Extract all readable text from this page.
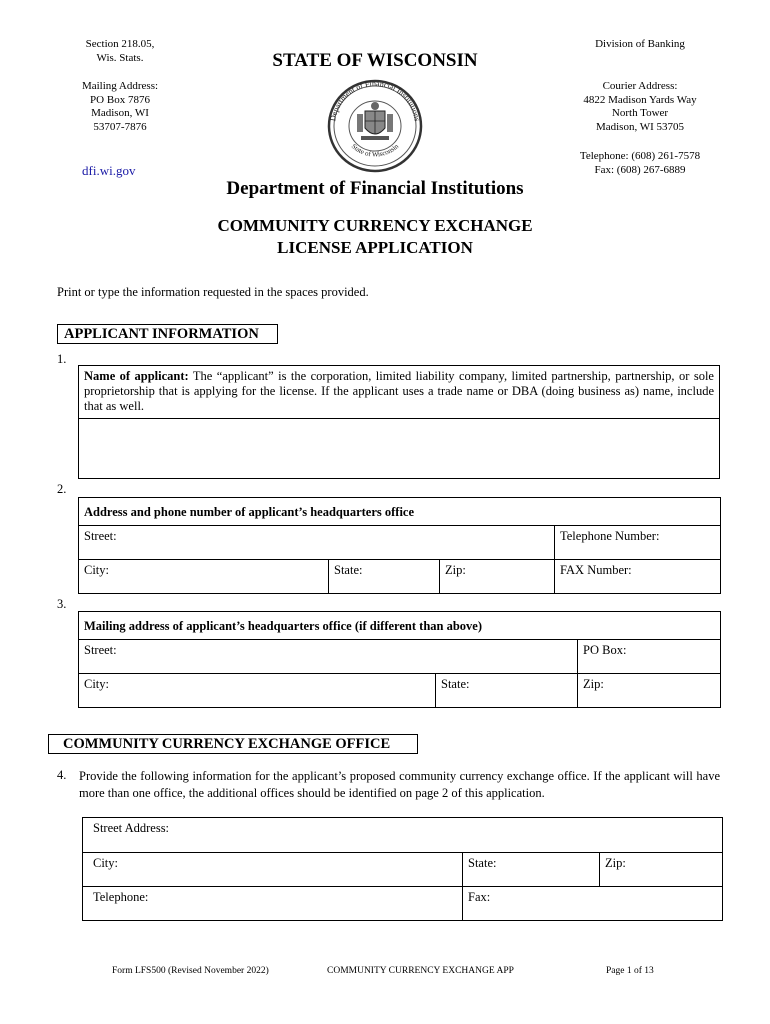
Section 218.05,
Wis. Stats.	STATE OF WISCONSIN
Division of Banking
Mailing Address:
PO Box 7876
Madison, WI
53707-7876
Courier Address:
4822 Madison Yards Way
North Tower
Madison, WI 53705
Telephone: (608) 261-7578
Fax: (608) 267-6889
dfi.wi.gov
Department of Financial Institutions
State of Wisconsin
Department of Financial Institutions
COMMUNITY CURRENCY EXCHANGE
LICENSE APPLICATION
Print or type the information requested in the spaces provided.
APPLICANT INFORMATION
1.
Name of applicant: The “applicant” is the corporation, limited liability company, limited partnership, partnership, or sole proprietorship that is applying for the license. If the applicant uses a trade name or DBA (doing business as) name, include that as well.

2.
Address and phone number of applicant’s headquarters office			
Street:			Telephone Number:
City:	State:	Zip:	FAX Number:
3.
Mailing address of applicant’s headquarters office (if different than above)		
Street:		PO Box:
City:	State:	Zip:
COMMUNITY CURRENCY EXCHANGE OFFICE
4. Provide the following information for the applicant’s proposed community currency exchange office. If the applicant will have more than one office, the additional offices should be identified on page 2 of this application.
Street Address:		
City:	State:	Zip:
Telephone:	Fax:	
Form LFS500 (Revised November 2022)	COMMUNITY CURRENCY EXCHANGE APP	Page 1 of 13
